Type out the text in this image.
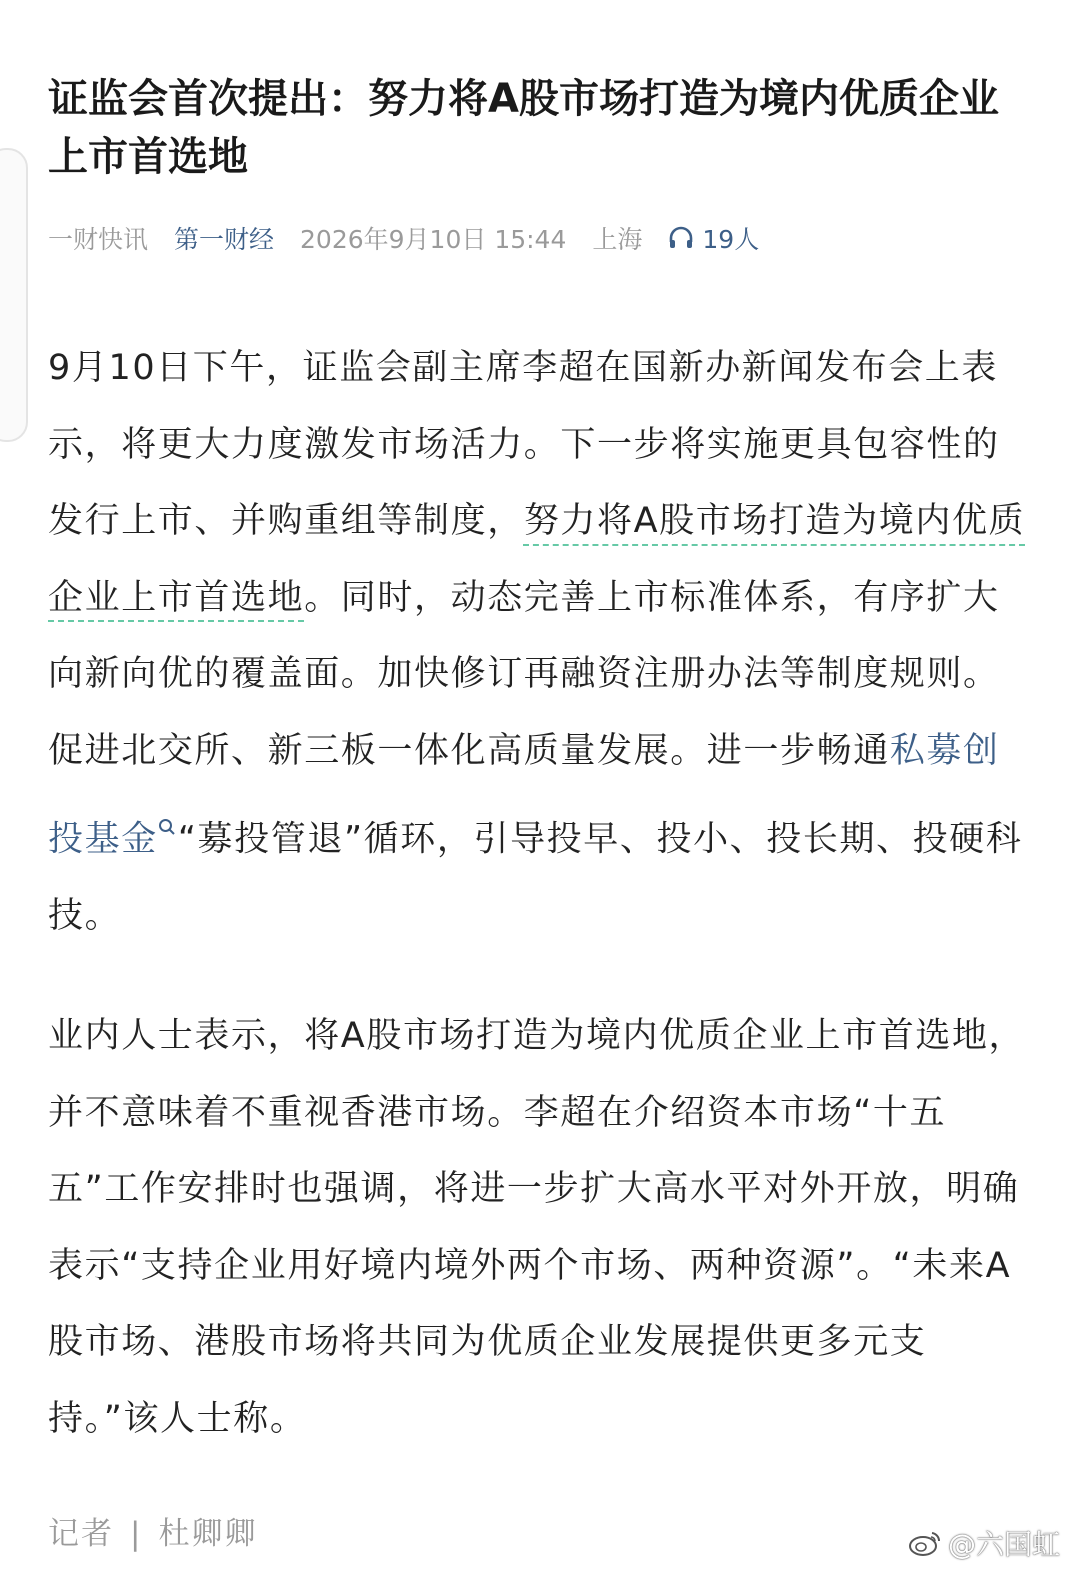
证监会首次提出：努力将A股市场打造为境内优质企业上市首选地
一财快讯 第一财经 2026年9月10日 15:44 上海 19人

9月10日下午，证监会副主席李超在国新办新闻发布会上表示，将更大力度激发市场活力。下一步将实施更具包容性的发行上市、并购重组等制度，努力将A股市场打造为境内优质企业上市首选地。同时，动态完善上市标准体系，有序扩大向新向优的覆盖面。加快修订再融资注册办法等制度规则。促进北交所、新三板一体化高质量发展。进一步畅通私募创投基金 “募投管退”循环，引导投早、投小、投长期、投硬科技。

业内人士表示，将A股市场打造为境内优质企业上市首选地，并不意味着不重视香港市场。李超在介绍资本市场“十五五”工作安排时也强调，将进一步扩大高水平对外开放，明确表示“支持企业用好境内境外两个市场、两种资源”。“未来A股市场、港股市场将共同为优质企业发展提供更多元支持。”该人士称。

记者 | 杜卿卿	@六国虹
